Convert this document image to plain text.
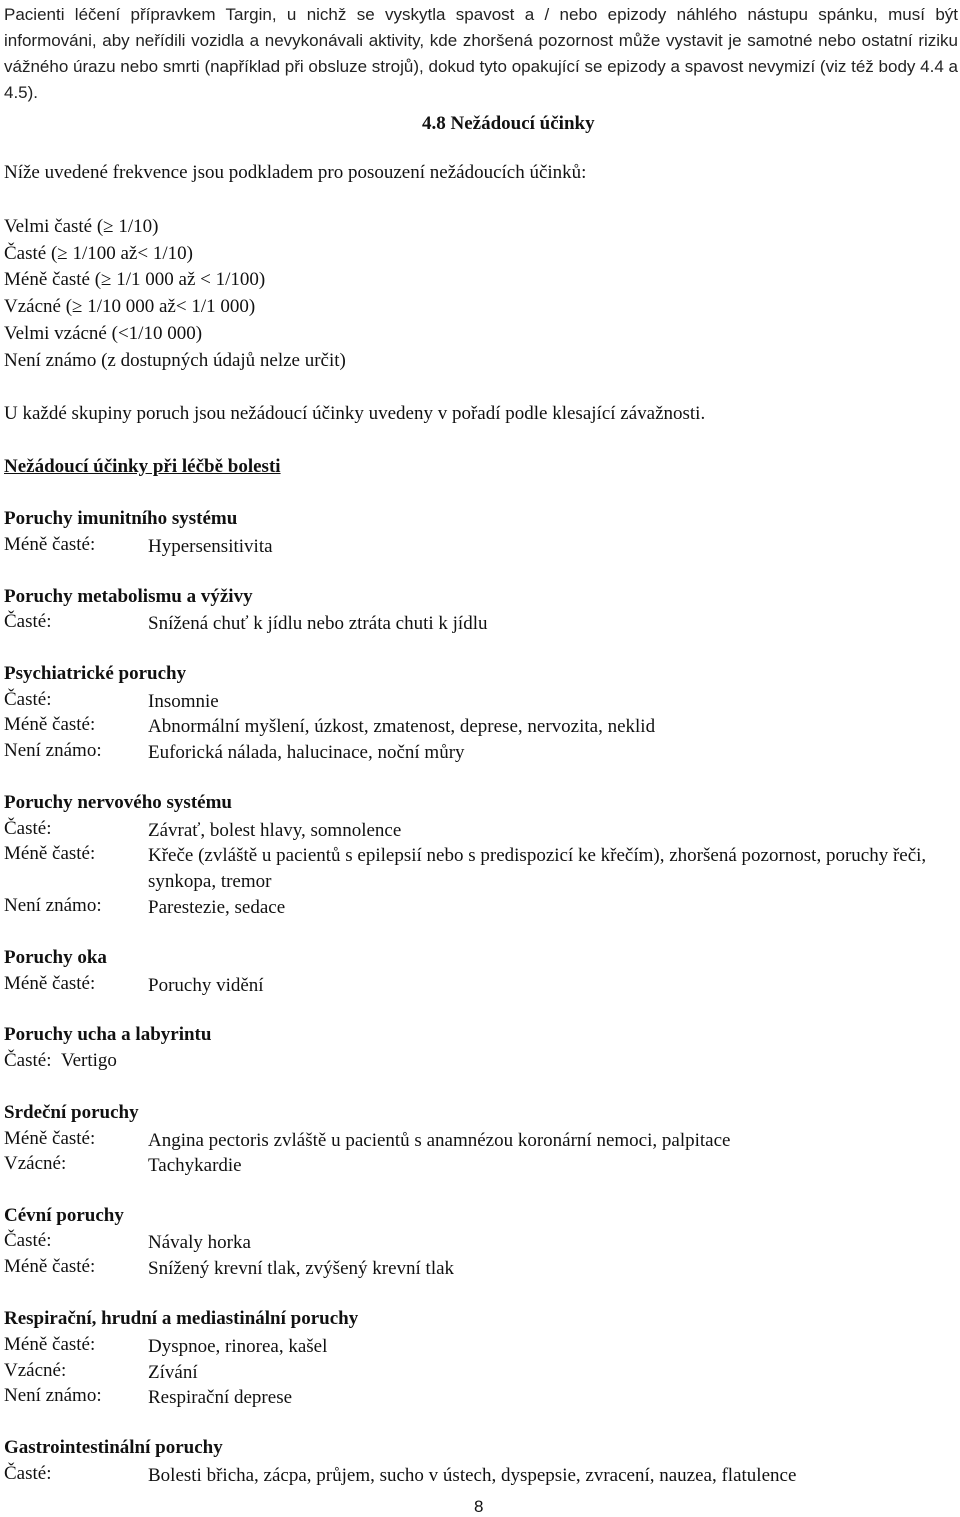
Pacienti léčení přípravkem Targin, u nichž se vyskytla spavost a / nebo epizody náhlého nástupu spánku, musí být informováni, aby neřídili vozidla a nevykonávali aktivity, kde zhoršená pozornost může vystavit je samotné nebo ostatní riziku vážného úrazu nebo smrti (například při obsluze strojů), dokud tyto opakující se epizody a spavost nevymizí (viz též body 4.4 a 4.5).
4.8 Nežádoucí účinky
Níže uvedené frekvence jsou podkladem pro posouzení nežádoucích účinků:
Velmi časté (≥ 1/10)
Časté (≥ 1/100 až< 1/10)
Méně časté (≥ 1/1 000 až < 1/100)
Vzácné (≥ 1/10 000 až< 1/1 000)
Velmi vzácné (<1/10 000)
Není známo (z dostupných údajů nelze určit)
U každé skupiny poruch jsou nežádoucí účinky uvedeny v pořadí podle klesající závažnosti.
Nežádoucí účinky při léčbě bolesti
Poruchy imunitního systému
Méně časté:	Hypersensitivita
Poruchy metabolismu a výživy
Časté:	Snížená chuť k jídlu nebo ztráta chuti k jídlu
Psychiatrické poruchy
Časté:	Insomnie
Méně časté:	Abnormální myšlení, úzkost, zmatenost, deprese, nervozita, neklid
Není známo: Euforická nálada, halucinace, noční můry
Poruchy nervového systému
Časté:	Závrať, bolest hlavy, somnolence
Méně časté:	Křeče (zvláště u pacientů s epilepsií nebo s predispozicí ke křečím), zhoršená pozornost, poruchy řeči, synkopa, tremor
Není známo: Parestezie, sedace
Poruchy oka
Méně časté:	Poruchy vidění
Poruchy ucha a labyrintu
Časté: Vertigo
Srdeční poruchy
Méně časté:	Angina pectoris zvláště u pacientů s anamnézou koronární nemoci, palpitace
Vzácné:	Tachykardie
Cévní poruchy
Časté:	Návaly horka
Méně časté:	Snížený krevní tlak, zvýšený krevní tlak
Respirační, hrudní a mediastinální poruchy
Méně časté:	Dyspnoe, rinorea, kašel
Vzácné:	Zívání
Není známo: Respirační deprese
Gastrointestinální poruchy
Časté:	Bolesti břicha, zácpa, průjem, sucho v ústech, dyspepsie, zvracení, nauzea, flatulence
8
